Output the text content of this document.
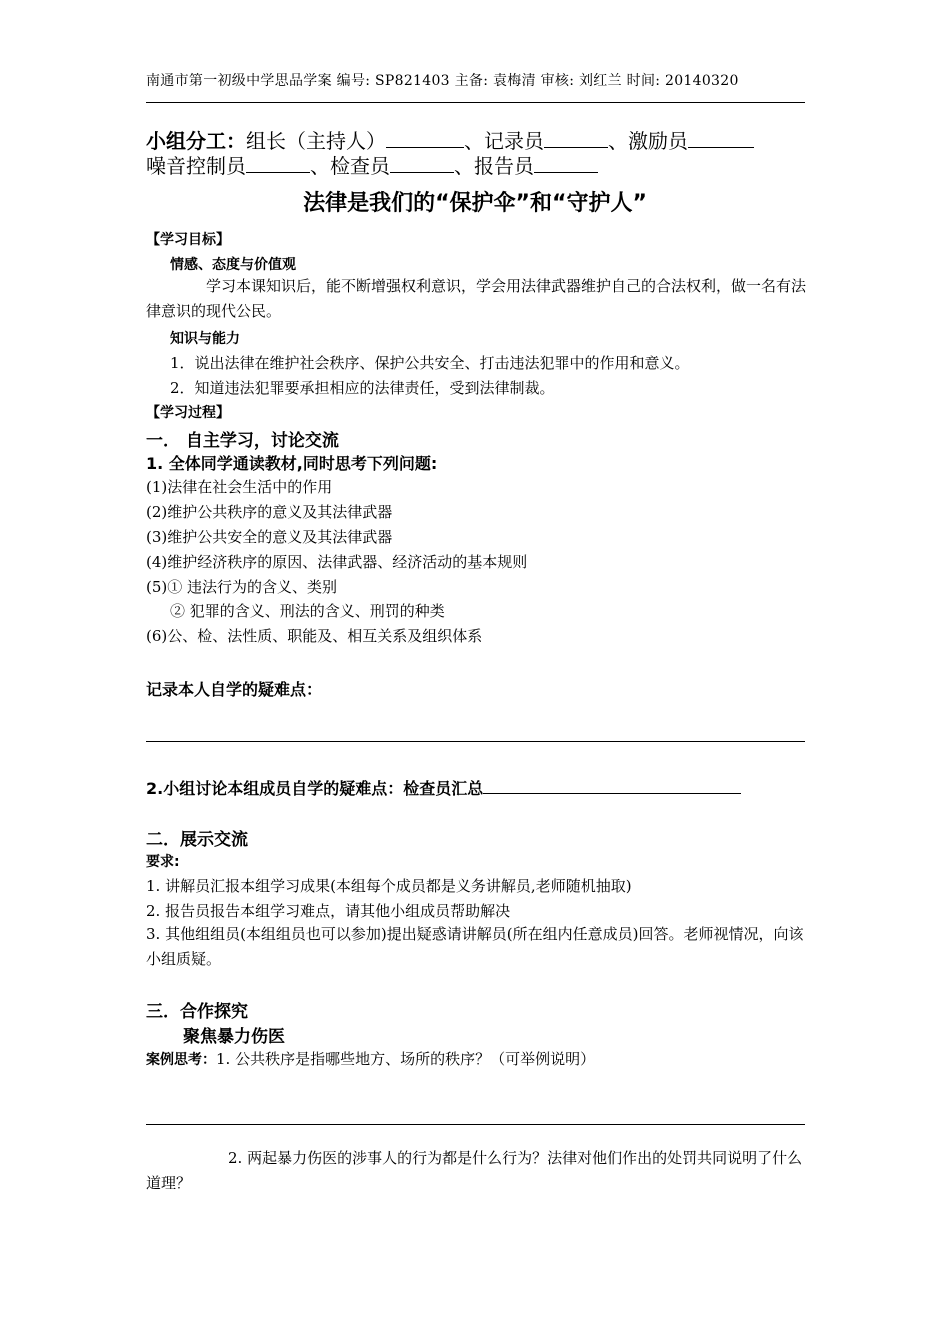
南通市第一初级中学思品学案 编号: SP821403 主备: 袁梅清 审核: 刘红兰 时间: 20140320
小组分工：组长（主持人）	、记录员	、激励员
噪音控制员	、检查员	、报告员
法律是我们的“保护伞”和“守护人”
【学习目标】
情感、态度与价值观
学习本课知识后，能不断增强权利意识，学会用法律武器维护自己的合法权利，做一名有法律意识的现代公民。
知识与能力
1．说出法律在维护社会秩序、保护公共安全、打击违法犯罪中的作用和意义。
2．知道违法犯罪要承担相应的法律责任，受到法律制裁。
【学习过程】
一． 自主学习，讨论交流
1. 全体同学通读教材,同时思考下列问题:
(1)法律在社会生活中的作用
(2)维护公共秩序的意义及其法律武器
(3)维护公共安全的意义及其法律武器
(4)维护经济秩序的原因、法律武器、经济活动的基本规则
(5)① 违法行为的含义、类别
② 犯罪的含义、刑法的含义、刑罚的种类
(6)公、检、法性质、职能及、相互关系及组织体系
记录本人自学的疑难点：
2.小组讨论本组成员自学的疑难点：检查员汇总
二．展示交流
要求:
1. 讲解员汇报本组学习成果(本组每个成员都是义务讲解员,老师随机抽取)
2. 报告员报告本组学习难点，请其他小组成员帮助解决
3. 其他组组员(本组组员也可以参加)提出疑惑请讲解员(所在组内任意成员)回答。老师视情况，向该小组质疑。
三．合作探究
聚焦暴力伤医
案例思考：1. 公共秩序是指哪些地方、场所的秩序？（可举例说明）
2. 两起暴力伤医的涉事人的行为都是什么行为？法律对他们作出的处罚共同说明了什么道理？
